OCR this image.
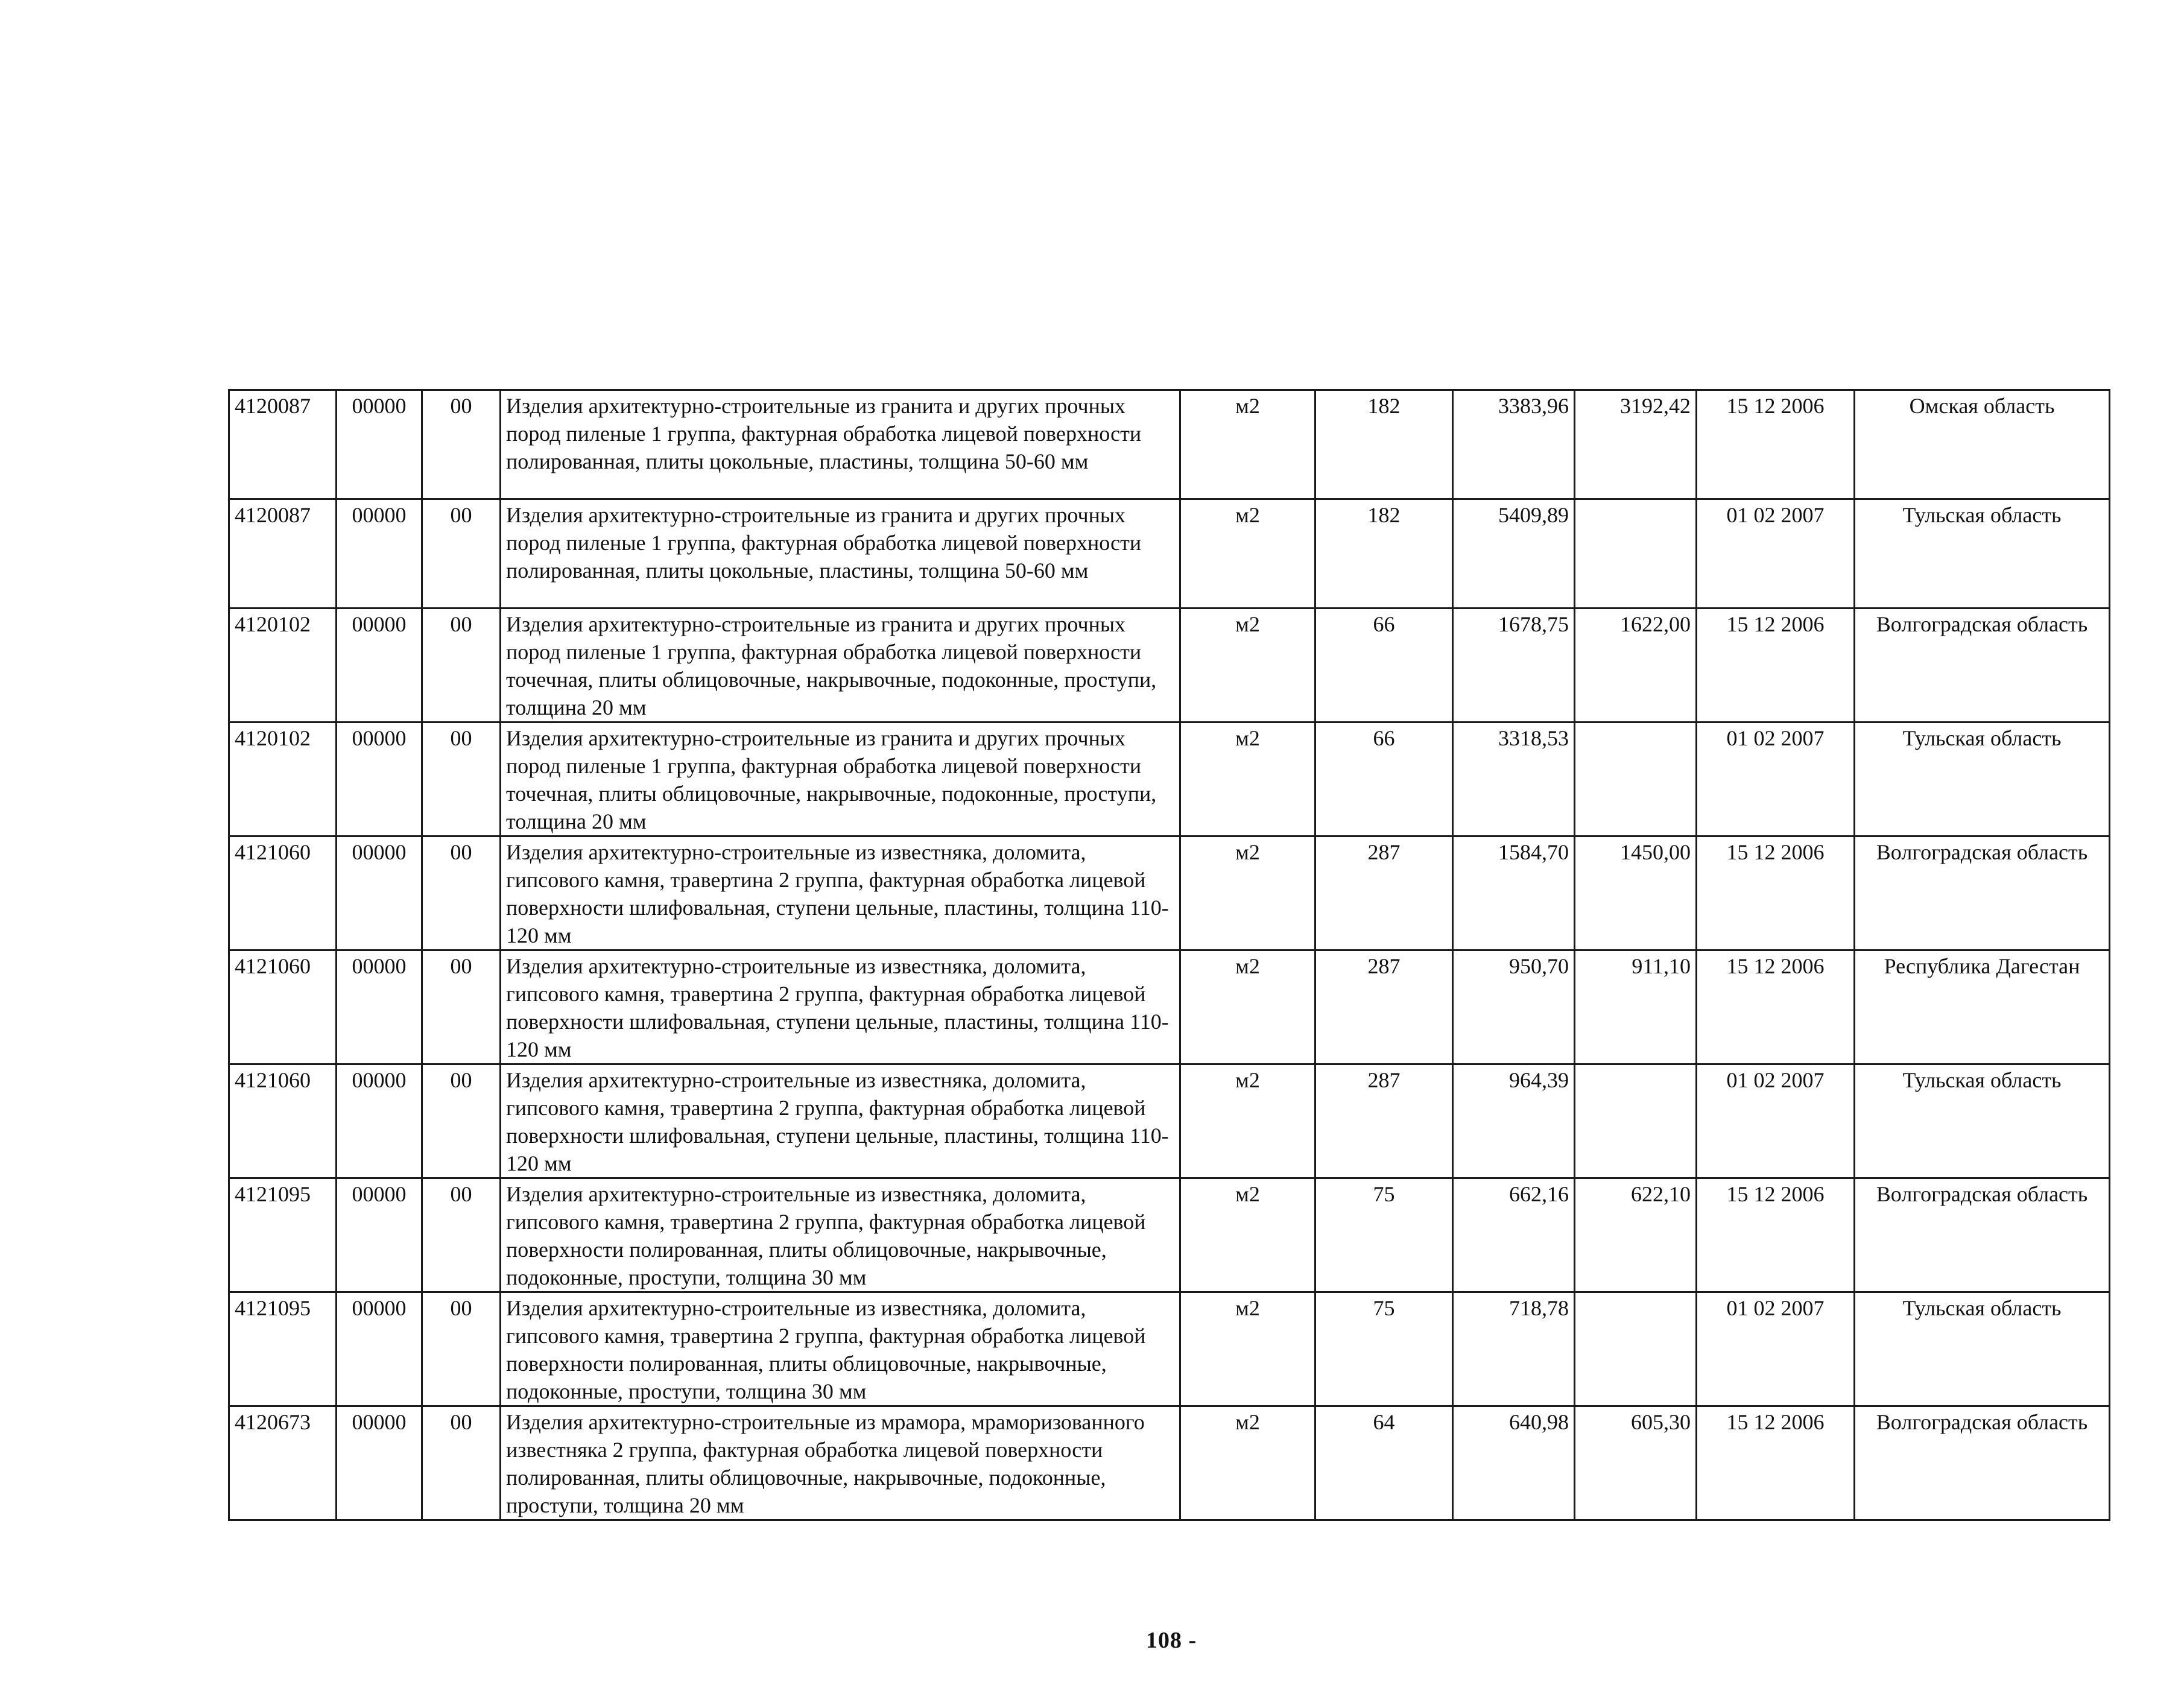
4120087	00000	00	Изделия архитектурно-строительные из гранита и других прочных пород пиленые 1 группа, фактурная обработка лицевой поверхности полированная, плиты цокольные, пластины, толщина 50-60 мм	м2	182	3383,96	3192,42	15 12 2006	Омская область
4120087	00000	00	Изделия архитектурно-строительные из гранита и других прочных пород пиленые 1 группа, фактурная обработка лицевой поверхности полированная, плиты цокольные, пластины, толщина 50-60 мм	м2	182	5409,89		01 02 2007	Тульская область
4120102	00000	00	Изделия архитектурно-строительные из гранита и других прочных пород пиленые 1 группа, фактурная обработка лицевой поверхности точечная, плиты облицовочные, накрывочные, подоконные, проступи, толщина 20 мм	м2	66	1678,75	1622,00	15 12 2006	Волгоградская область
4120102	00000	00	Изделия архитектурно-строительные из гранита и других прочных пород пиленые 1 группа, фактурная обработка лицевой поверхности точечная, плиты облицовочные, накрывочные, подоконные, проступи, толщина 20 мм	м2	66	3318,53		01 02 2007	Тульская область
4121060	00000	00	Изделия архитектурно-строительные из известняка, доломита, гипсового камня, травертина 2 группа, фактурная обработка лицевой поверхности шлифовальная, ступени цельные, пластины, толщина 110-120 мм	м2	287	1584,70	1450,00	15 12 2006	Волгоградская область
4121060	00000	00	Изделия архитектурно-строительные из известняка, доломита, гипсового камня, травертина 2 группа, фактурная обработка лицевой поверхности шлифовальная, ступени цельные, пластины, толщина 110-120 мм	м2	287	950,70	911,10	15 12 2006	Республика Дагестан
4121060	00000	00	Изделия архитектурно-строительные из известняка, доломита, гипсового камня, травертина 2 группа, фактурная обработка лицевой поверхности шлифовальная, ступени цельные, пластины, толщина 110-120 мм	м2	287	964,39		01 02 2007	Тульская область
4121095	00000	00	Изделия архитектурно-строительные из известняка, доломита, гипсового камня, травертина 2 группа, фактурная обработка лицевой поверхности полированная, плиты облицовочные, накрывочные, подоконные, проступи, толщина 30 мм	м2	75	662,16	622,10	15 12 2006	Волгоградская область
4121095	00000	00	Изделия архитектурно-строительные из известняка, доломита, гипсового камня, травертина 2 группа, фактурная обработка лицевой поверхности полированная, плиты облицовочные, накрывочные, подоконные, проступи, толщина 30 мм	м2	75	718,78		01 02 2007	Тульская область
4120673	00000	00	Изделия архитектурно-строительные из мрамора, мраморизованного известняка 2 группа, фактурная обработка лицевой поверхности полированная, плиты облицовочные, накрывочные, подоконные, проступи, толщина 20 мм	м2	64	640,98	605,30	15 12 2006	Волгоградская область
108 -
